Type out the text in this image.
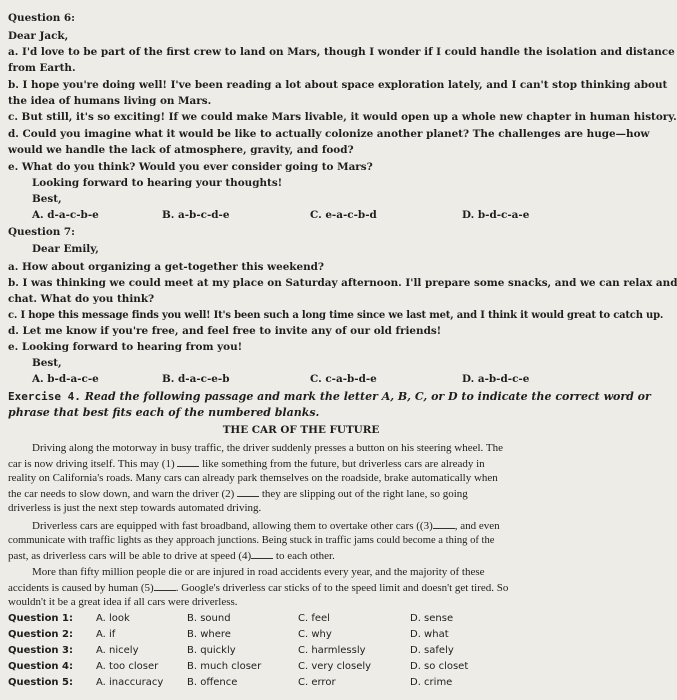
Question 6:
Dear Jack,
a. I'd love to be part of the first crew to land on Mars, though I wonder if I could handle the isolation and distance
from Earth.
b. I hope you're doing well! I've been reading a lot about space exploration lately, and I can't stop thinking about
the idea of humans living on Mars.
c. But still, it's so exciting! If we could make Mars livable, it would open up a whole new chapter in human history.
d. Could you imagine what it would be like to actually colonize another planet? The challenges are huge—how
would we handle the lack of atmosphere, gravity, and food?
e. What do you think? Would you ever consider going to Mars?
Looking forward to hearing your thoughts!
Best,
A. d-a-c-b-e	B. a-b-c-d-e	C. e-a-c-b-d	D. b-d-c-a-e
Question 7:
Dear Emily,
a. How about organizing a get-together this weekend?
b. I was thinking we could meet at my place on Saturday afternoon. I'll prepare some snacks, and we can relax and
chat. What do you think?
c. I hope this message finds you well! It's been such a long time since we last met, and I think it would great to catch up.
d. Let me know if you're free, and feel free to invite any of our old friends!
e. Looking forward to hearing from you!
Best,
A. b-d-a-c-e	B. d-a-c-e-b	C. c-a-b-d-e	D. a-b-d-c-e
Exercise 4. Read the following passage and mark the letter A, B, C, or D to indicate the correct word or
phrase that best fits each of the numbered blanks.
THE CAR OF THE FUTURE
Driving along the motorway in busy traffic, the driver suddenly presses a button on his steering wheel. The
car is now driving itself. This may (1)  like something from the future, but driverless cars are already in
reality on California's roads. Many cars can already park themselves on the roadside, brake automatically when
the car needs to slow down, and warn the driver (2)  they are slipping out of the right lane, so going
driverless is just the next step towards automated driving.
Driverless cars are equipped with fast broadband, allowing them to overtake other cars ((3) , and even
communicate with traffic lights as they approach junctions. Being stuck in traffic jams could become a thing of the
past, as driverless cars will be able to drive at speed (4) to each other.
More than fifty million people die or are injured in road accidents every year, and the majority of these
accidents is caused by human (5) . Google's driverless car sticks of to the speed limit and doesn't get tired. So
wouldn't it be a great idea if all cars were driverless.
Question 1: A. look	B. sound	C. feel	D. sense
Question 2: A. if	B. where	C. why	D. what
Question 3: A. nicely	B. quickly	C. harmlessly	D. safely
Question 4: A. too closer	B. much closer	C. very closely	D. so closet
Question 5: A. inaccuracy B. offence	C. error	D. crime
